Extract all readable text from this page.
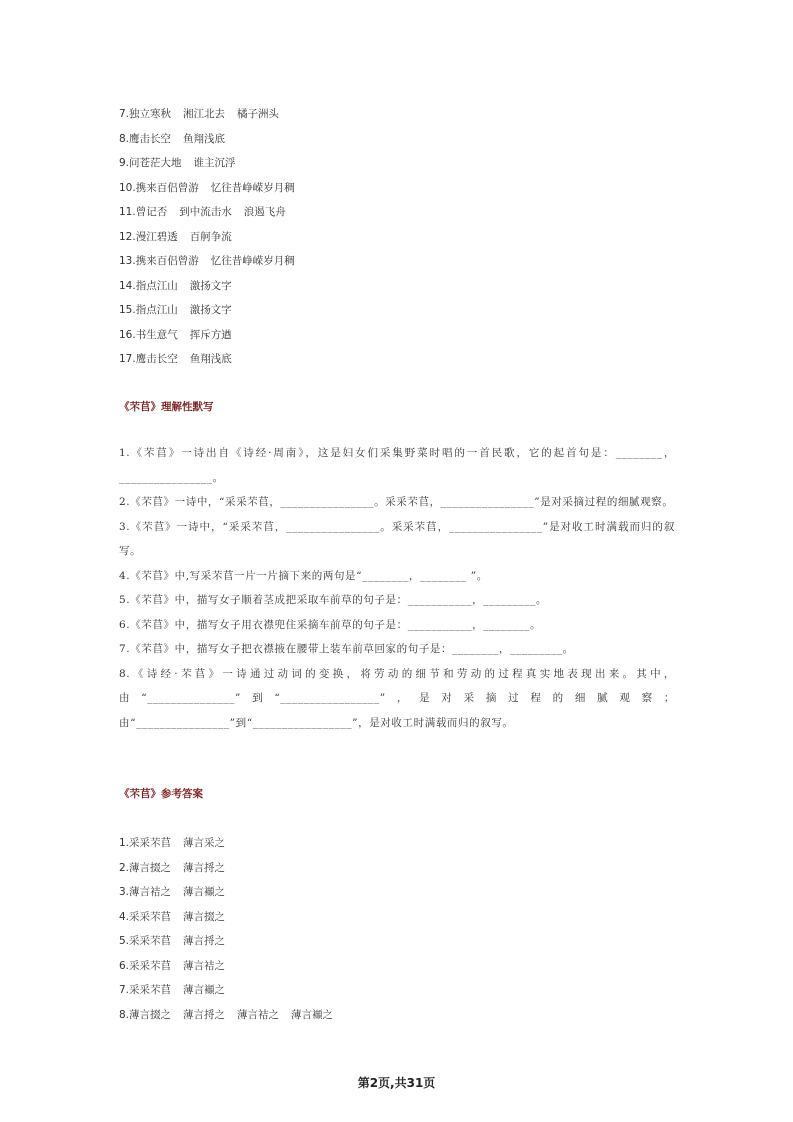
7.独立寒秋 湘江北去 橘子洲头
8.鹰击长空 鱼翔浅底
9.问苍茫大地 谁主沉浮
10.携来百侣曾游 忆往昔峥嵘岁月稠
11.曾记否 到中流击水 浪遏飞舟
12.漫江碧透 百舸争流
13.携来百侣曾游 忆往昔峥嵘岁月稠
14.指点江山 激扬文字
15.指点江山 激扬文字
16.书生意气 挥斥方遒
17.鹰击长空 鱼翔浅底
《芣苢》理解性默写
1.《芣苢》一诗出自《诗经·周南》，这是妇女们采集野菜时唱的一首民歌，它的起首句是：________，________________。
2.《芣苢》一诗中，“采采芣苢，________________。采采芣苢，________________”是对采摘过程的细腻观察。
3.《芣苢》一诗中，“采采芣苢，________________。采采芣苢，________________”是对收工时满载而归的叙写。
4.《芣苢》中,写采芣苢一片一片摘下来的两句是“________，________ ”。
5.《芣苢》中，描写女子顺着茎成把采取车前草的句子是：___________，_________。
6.《芣苢》中，描写女子用衣襟兜住采摘车前草的句子是：___________，________。
7.《芣苢》中，描写女子把衣襟掖在腰带上装车前草回家的句子是：________，_________。
8.《诗经·芣苢》一诗通过动词的变换，将劳动的细节和劳动的过程真实地表现出来。其中，由“_______________”到“_________________”，是对采摘过程的细腻观察；由“________________”到“_________________”，是对收工时满载而归的叙写。
《芣苢》参考答案
1.采采芣苢 薄言采之
2.薄言掇之 薄言捋之
3.薄言袺之 薄言襭之
4.采采芣苢 薄言掇之
5.采采芣苢 薄言捋之
6.采采芣苢 薄言袺之
7.采采芣苢 薄言襭之
8.薄言掇之 薄言捋之 薄言袺之 薄言襭之
第2页,共31页
